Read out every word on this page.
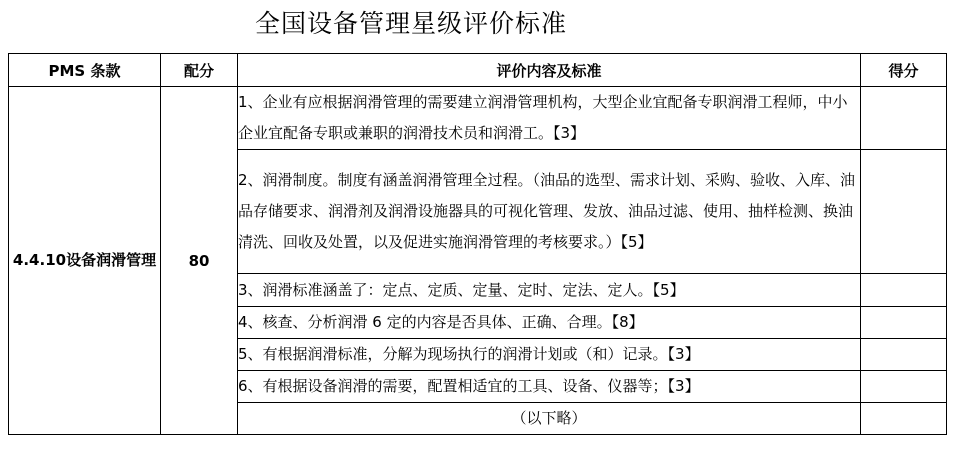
全国设备管理星级评价标准
PMS 条款	配分	评价内容及标准	得分
4.4.10设备润滑管理	80	1、企业有应根据润滑管理的需要建立润滑管理机构，大型企业宜配备专职润滑工程师，中小企业宜配备专职或兼职的润滑技术员和润滑工。【3】	
		2、润滑制度。制度有涵盖润滑管理全过程。（油品的选型、需求计划、采购、验收、入库、油品存储要求、润滑剂及润滑设施器具的可视化管理、发放、油品过滤、使用、抽样检测、换油清洗、回收及处置，以及促进实施润滑管理的考核要求。）【5】	
		3、润滑标准涵盖了：定点、定质、定量、定时、定法、定人。【5】	
		4、核查、分析润滑 6 定的内容是否具体、正确、合理。【8】	
		5、有根据润滑标准，分解为现场执行的润滑计划或（和）记录。【3】	
		6、有根据设备润滑的需要，配置相适宜的工具、设备、仪器等；【3】	
		（以下略）	
